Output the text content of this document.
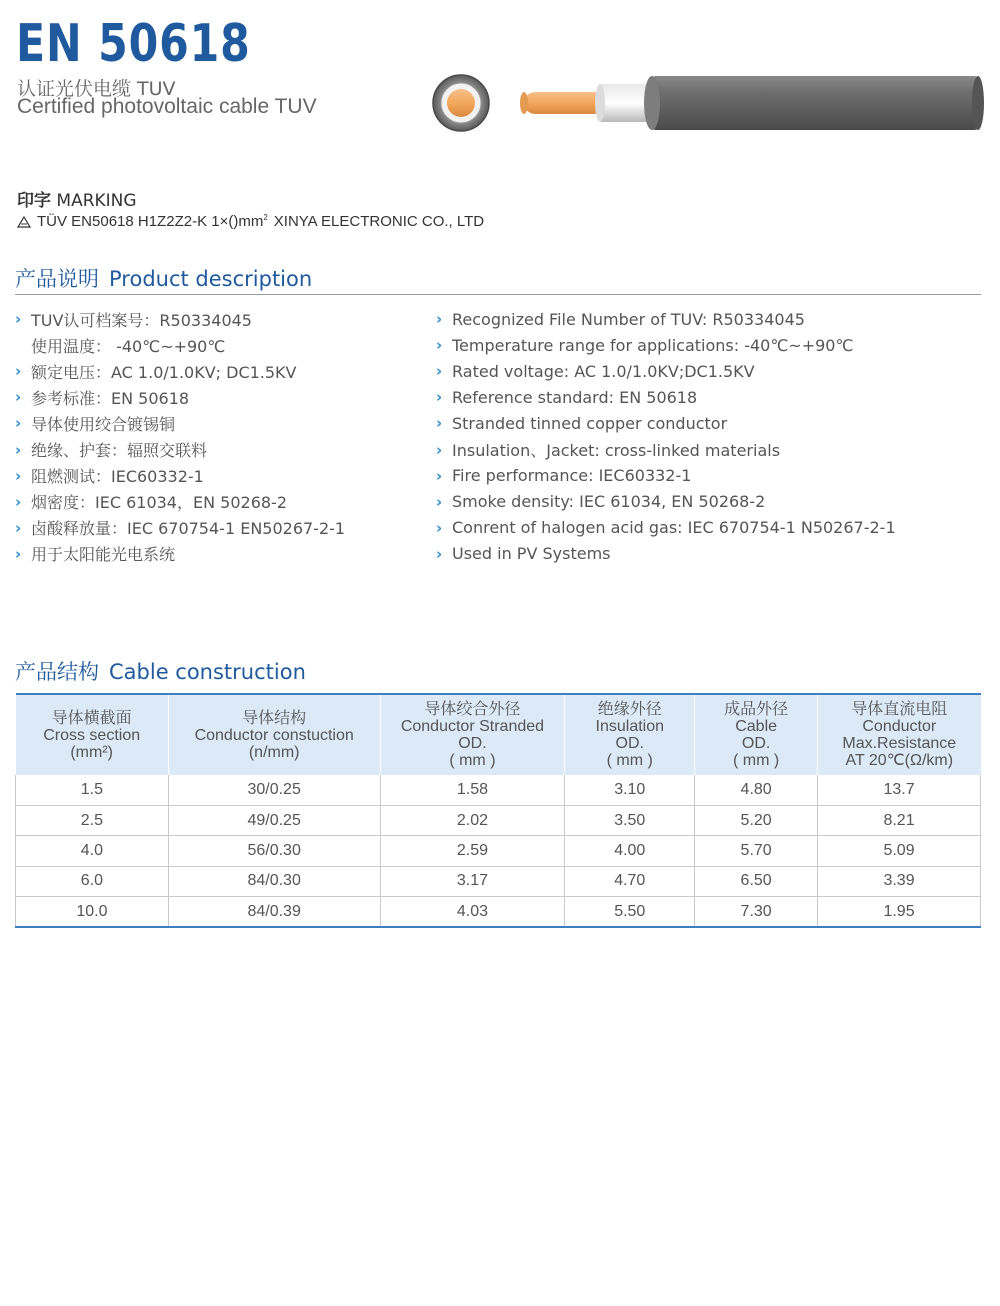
EN 50618
认证光伏电缆 TUV
Certified photovoltaic cable TUV
印字 MARKING
TÜV EN50618 H1Z2Z2-K $1\times()mm^2$ XINYA ELECTRONIC CO., LTD
产品说明 Product description
› TUV认可档案号：R50334045
使用温度： -40℃~+90℃
› 额定电压：AC 1.0/1.0KV; DC1.5KV
› 参考标准：EN 50618
› 导体使用绞合镀锡铜
› 绝缘、护套：辐照交联料
› 阻燃测试：IEC60332-1
› 烟密度：IEC 61034，EN 50268-2
› 卤酸释放量：IEC 670754-1 EN50267-2-1
› 用于太阳能光电系统
› Recognized File Number of TUV: R50334045
› Temperature range for applications: -40℃~+90℃
› Rated voltage: AC 1.0/1.0KV;DC1.5KV
› Reference standard: EN 50618
› Stranded tinned copper conductor
› Insulation、Jacket: cross-linked materials
› Fire performance: IEC60332-1
› Smoke density: IEC 61034, EN 50268-2
› Conrent of halogen acid gas: IEC 670754-1 N50267-2-1
› Used in PV Systems
产品结构 Cable construction
导体横截面
Cross section
(mm²)	导体结构
Conductor constuction
(n/mm)	导体绞合外径
Conductor Stranded
OD.
( mm )	绝缘外径
Insulation
OD.
( mm )	成品外径
Cable
OD.
( mm )	导体直流电阻
Conductor
Max.Resistance
AT 20℃(Ω/km)

1.5	30/0.25	1.58	3.10	4.80	13.7
2.5	49/0.25	2.02	3.50	5.20	8.21
4.0	56/0.30	2.59	4.00	5.70	5.09
6.0	84/0.30	3.17	4.70	6.50	3.39
10.0	84/0.39	4.03	5.50	7.30	1.95
